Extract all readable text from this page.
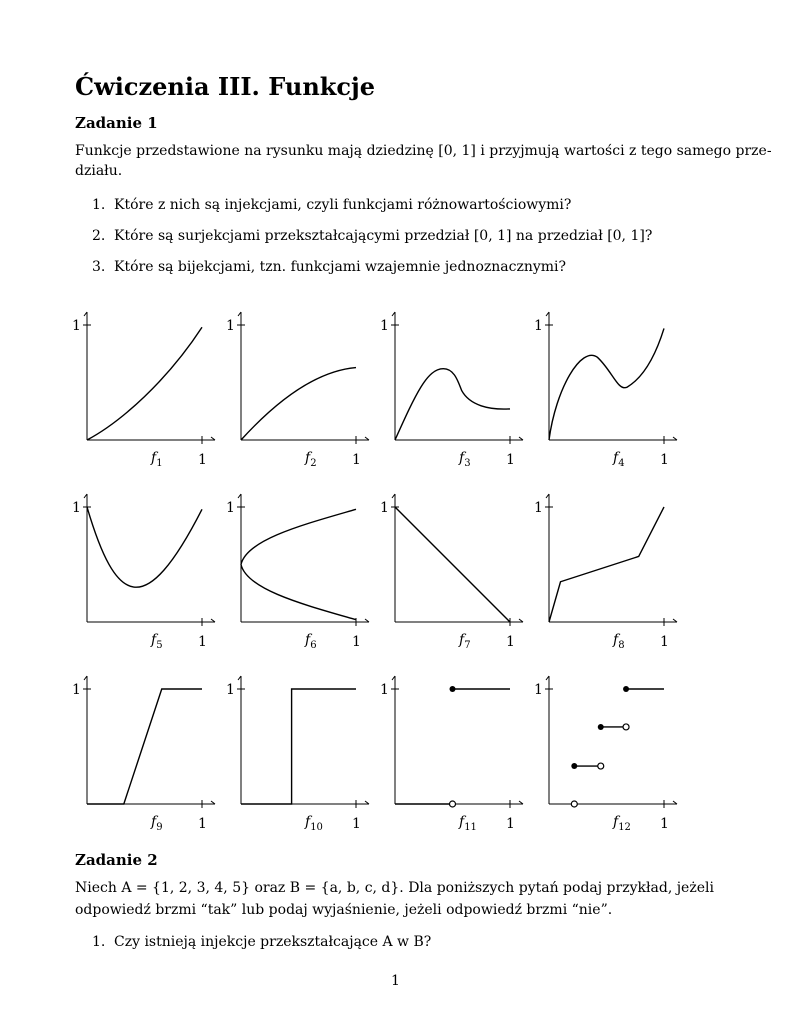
Ćwiczenia III. Funkcje
Zadanie 1
Funkcje przedstawione na rysunku mają dziedzinę [0, 1] i przyjmują wartości z tego samego prze-
działu.
1. Które z nich są injekcjami, czyli funkcjami różnowartościowymi?
2. Które są surjekcjami przekształcającymi przedział [0, 1] na przedział [0, 1]?
3. Które są bijekcjami, tzn. funkcjami wzajemnie jednoznacznymi?
1
1
$f_1$
1
1
$f_2$
1
1
$f_3$
1
1
$f_4$
1
1
$f_5$
1
1
$f_6$
1
1
$f_7$
1
1
$f_8$
1
1
$f_9$
1
1
$f_{10}$
1
1
$f_{11}$
1
1
$f_{12}$
Zadanie 2
Niech A = {1, 2, 3, 4, 5} oraz B = {a, b, c, d}. Dla poniższych pytań podaj przykład, jeżeli
odpowiedź brzmi “tak” lub podaj wyjaśnienie, jeżeli odpowiedź brzmi “nie”.
1. Czy istnieją injekcje przekształcające A w B?
1
